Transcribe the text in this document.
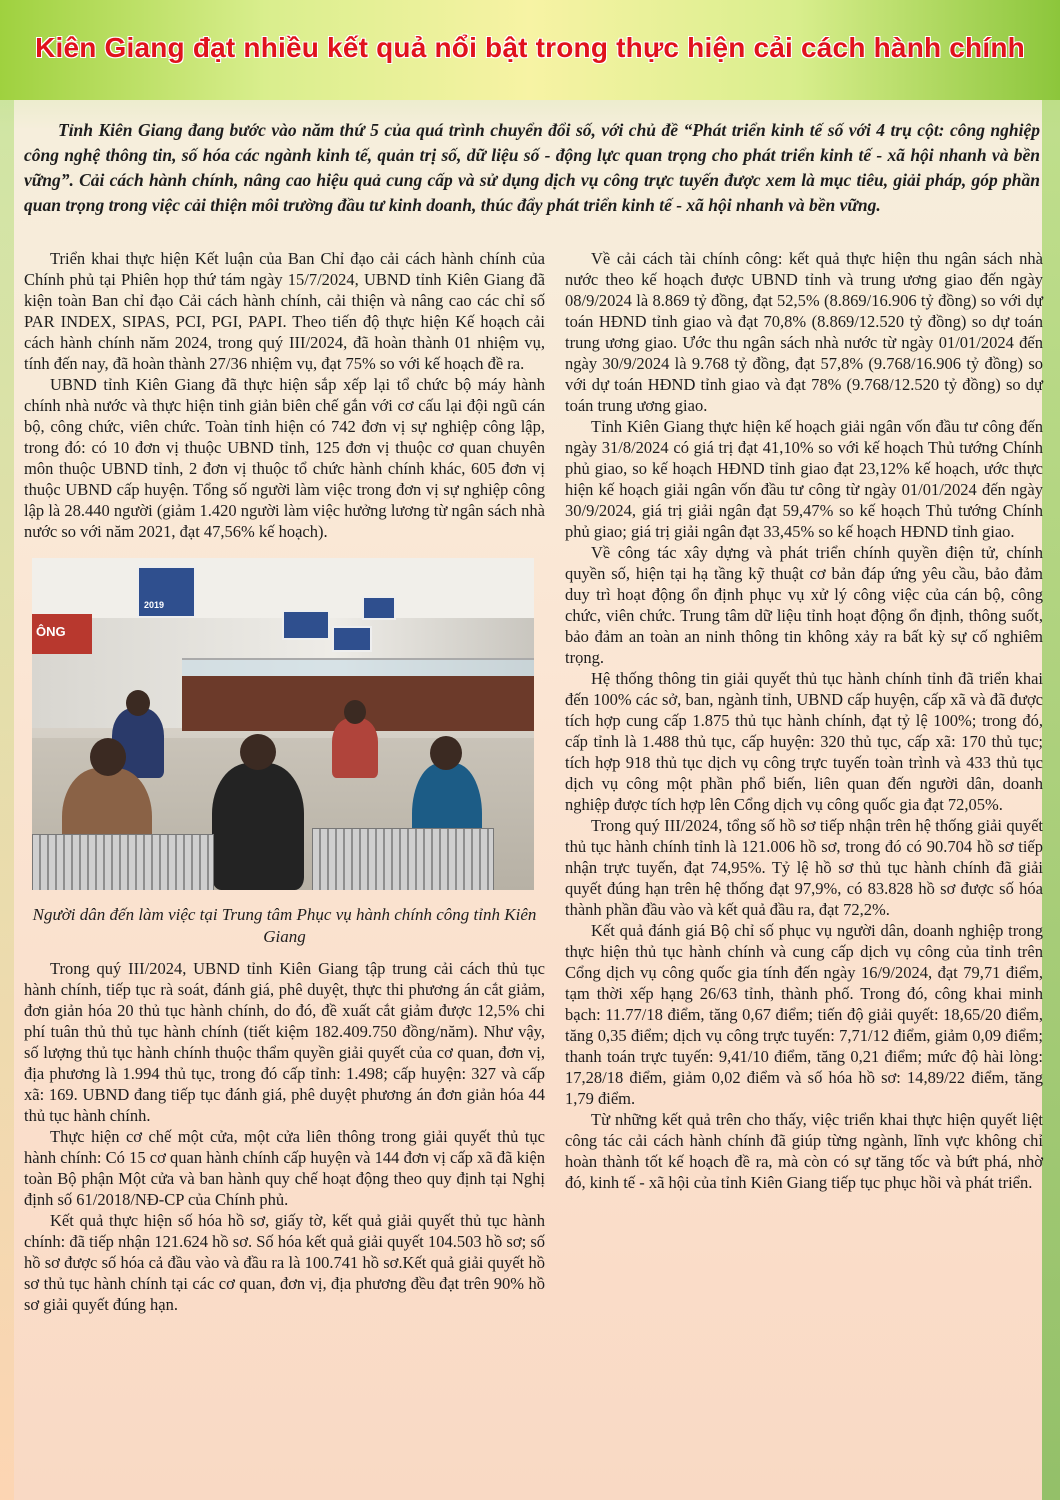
Kiên Giang đạt nhiều kết quả nổi bật trong thực hiện cải cách hành chính

Tỉnh Kiên Giang đang bước vào năm thứ 5 của quá trình chuyển đổi số, với chủ đề “Phát triển kinh tế số với 4 trụ cột: công nghiệp công nghệ thông tin, số hóa các ngành kinh tế, quản trị số, dữ liệu số - động lực quan trọng cho phát triển kinh tế - xã hội nhanh và bền vững”. Cải cách hành chính, nâng cao hiệu quả cung cấp và sử dụng dịch vụ công trực tuyến được xem là mục tiêu, giải pháp, góp phần quan trọng trong việc cải thiện môi trường đầu tư kinh doanh, thúc đẩy phát triển kinh tế - xã hội nhanh và bền vững.

Triển khai thực hiện Kết luận của Ban Chỉ đạo cải cách hành chính của Chính phủ tại Phiên họp thứ tám ngày 15/7/2024, UBND tỉnh Kiên Giang đã kiện toàn Ban chỉ đạo Cải cách hành chính, cải thiện và nâng cao các chỉ số PAR INDEX, SIPAS, PCI, PGI, PAPI. Theo tiến độ thực hiện Kế hoạch cải cách hành chính năm 2024, trong quý III/2024, đã hoàn thành 01 nhiệm vụ, tính đến nay, đã hoàn thành 27/36 nhiệm vụ, đạt 75% so với kế hoạch đề ra.

UBND tỉnh Kiên Giang đã thực hiện sắp xếp lại tổ chức bộ máy hành chính nhà nước và thực hiện tinh giản biên chế gắn với cơ cấu lại đội ngũ cán bộ, công chức, viên chức. Toàn tỉnh hiện có 742 đơn vị sự nghiệp công lập, trong đó: có 10 đơn vị thuộc UBND tỉnh, 125 đơn vị thuộc cơ quan chuyên môn thuộc UBND tỉnh, 2 đơn vị thuộc tổ chức hành chính khác, 605 đơn vị thuộc UBND cấp huyện. Tổng số người làm việc trong đơn vị sự nghiệp công lập là 28.440 người (giảm 1.420 người làm việc hưởng lương từ ngân sách nhà nước so với năm 2021, đạt 47,56% kế hoạch).

ÔNG
2019
Người dân đến làm việc tại Trung tâm Phục vụ hành chính công tỉnh Kiên Giang

Trong quý III/2024, UBND tỉnh Kiên Giang tập trung cải cách thủ tục hành chính, tiếp tục rà soát, đánh giá, phê duyệt, thực thi phương án cắt giảm, đơn giản hóa 20 thủ tục hành chính, do đó, đề xuất cắt giảm được 12,5% chi phí tuân thủ thủ tục hành chính (tiết kiệm 182.409.750 đồng/năm). Như vậy, số lượng thủ tục hành chính thuộc thẩm quyền giải quyết của cơ quan, đơn vị, địa phương là 1.994 thủ tục, trong đó cấp tỉnh: 1.498; cấp huyện: 327 và cấp xã: 169. UBND đang tiếp tục đánh giá, phê duyệt phương án đơn giản hóa 44 thủ tục hành chính.

Thực hiện cơ chế một cửa, một cửa liên thông trong giải quyết thủ tục hành chính: Có 15 cơ quan hành chính cấp huyện và 144 đơn vị cấp xã đã kiện toàn Bộ phận Một cửa và ban hành quy chế hoạt động theo quy định tại Nghị định số 61/2018/NĐ-CP của Chính phủ.

Kết quả thực hiện số hóa hồ sơ, giấy tờ, kết quả giải quyết thủ tục hành chính: đã tiếp nhận 121.624 hồ sơ. Số hóa kết quả giải quyết 104.503 hồ sơ; số hồ sơ được số hóa cả đầu vào và đầu ra là 100.741 hồ sơ.Kết quả giải quyết hồ sơ thủ tục hành chính tại các cơ quan, đơn vị, địa phương đều đạt trên 90% hồ sơ giải quyết đúng hạn.

Về cải cách tài chính công: kết quả thực hiện thu ngân sách nhà nước theo kế hoạch được UBND tỉnh và trung ương giao đến ngày 08/9/2024 là 8.869 tỷ đồng, đạt 52,5% (8.869/16.906 tỷ đồng) so với dự toán HĐND tỉnh giao và đạt 70,8% (8.869/12.520 tỷ đồng) so dự toán trung ương giao. Ước thu ngân sách nhà nước từ ngày 01/01/2024 đến ngày 30/9/2024 là 9.768 tỷ đồng, đạt 57,8% (9.768/16.906 tỷ đồng) so với dự toán HĐND tỉnh giao và đạt 78% (9.768/12.520 tỷ đồng) so dự toán trung ương giao.

Tỉnh Kiên Giang thực hiện kế hoạch giải ngân vốn đầu tư công đến ngày 31/8/2024 có giá trị đạt 41,10% so với kế hoạch Thủ tướng Chính phủ giao, so kế hoạch HĐND tỉnh giao đạt 23,12% kế hoạch, ước thực hiện kế hoạch giải ngân vốn đầu tư công từ ngày 01/01/2024 đến ngày 30/9/2024, giá trị giải ngân đạt 59,47% so kế hoạch Thủ tướng Chính phủ giao; giá trị giải ngân đạt 33,45% so kế hoạch HĐND tỉnh giao.

Về công tác xây dựng và phát triển chính quyền điện tử, chính quyền số, hiện tại hạ tầng kỹ thuật cơ bản đáp ứng yêu cầu, bảo đảm duy trì hoạt động ổn định phục vụ xử lý công việc của cán bộ, công chức, viên chức. Trung tâm dữ liệu tỉnh hoạt động ổn định, thông suốt, bảo đảm an toàn an ninh thông tin không xảy ra bất kỳ sự cố nghiêm trọng.

Hệ thống thông tin giải quyết thủ tục hành chính tỉnh đã triển khai đến 100% các sở, ban, ngành tỉnh, UBND cấp huyện, cấp xã và đã được tích hợp cung cấp 1.875 thủ tục hành chính, đạt tỷ lệ 100%; trong đó, cấp tỉnh là 1.488 thủ tục, cấp huyện: 320 thủ tục, cấp xã: 170 thủ tục; tích hợp 918 thủ tục dịch vụ công trực tuyến toàn trình và 433 thủ tục dịch vụ công một phần phổ biến, liên quan đến người dân, doanh nghiệp được tích hợp lên Cổng dịch vụ công quốc gia đạt 72,05%.

Trong quý III/2024, tổng số hồ sơ tiếp nhận trên hệ thống giải quyết thủ tục hành chính tỉnh là 121.006 hồ sơ, trong đó có 90.704 hồ sơ tiếp nhận trực tuyến, đạt 74,95%. Tỷ lệ hồ sơ thủ tục hành chính đã giải quyết đúng hạn trên hệ thống đạt 97,9%, có 83.828 hồ sơ được số hóa thành phần đầu vào và kết quả đầu ra, đạt 72,2%.

Kết quả đánh giá Bộ chỉ số phục vụ người dân, doanh nghiệp trong thực hiện thủ tục hành chính và cung cấp dịch vụ công của tỉnh trên Cổng dịch vụ công quốc gia tính đến ngày 16/9/2024, đạt 79,71 điểm, tạm thời xếp hạng 26/63 tỉnh, thành phố. Trong đó, công khai minh bạch: 11.77/18 điểm, tăng 0,67 điểm; tiến độ giải quyết: 18,65/20 điểm, tăng 0,35 điểm; dịch vụ công trực tuyến: 7,71/12 điểm, giảm 0,09 điểm; thanh toán trực tuyến: 9,41/10 điểm, tăng 0,21 điểm; mức độ hài lòng: 17,28/18 điểm, giảm 0,02 điểm và số hóa hồ sơ: 14,89/22 điểm, tăng 1,79 điểm.

Từ những kết quả trên cho thấy, việc triển khai thực hiện quyết liệt công tác cải cách hành chính đã giúp từng ngành, lĩnh vực không chỉ hoàn thành tốt kế hoạch đề ra, mà còn có sự tăng tốc và bứt phá, nhờ đó, kinh tế - xã hội của tỉnh Kiên Giang tiếp tục phục hồi và phát triển.
